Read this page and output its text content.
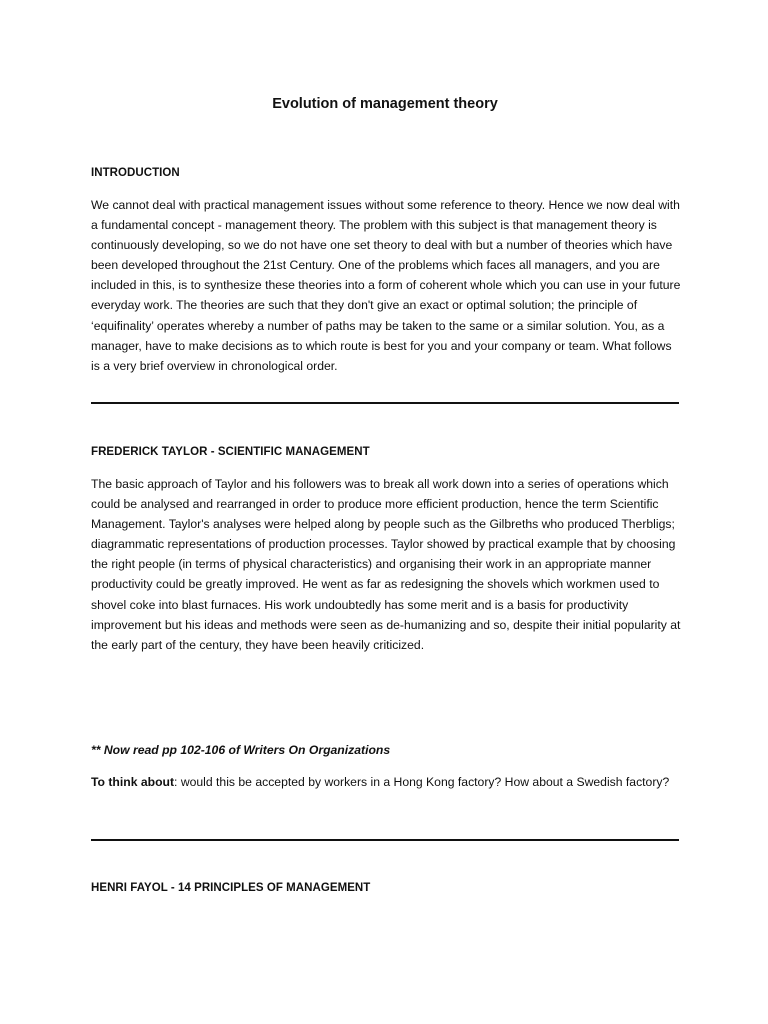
Evolution of management theory
INTRODUCTION

We cannot deal with practical management issues without some reference to theory. Hence we now deal with a fundamental concept - management theory. The problem with this subject is that management theory is continuously developing, so we do not have one set theory to deal with but a number of theories which have been developed throughout the 21st Century. One of the problems which faces all managers, and you are included in this, is to synthesize these theories into a form of coherent whole which you can use in your future everyday work. The theories are such that they don't give an exact or optimal solution; the principle of ‘equifinality’ operates whereby a number of paths may be taken to the same or a similar solution. You, as a manager, have to make decisions as to which route is best for you and your company or team. What follows is a very brief overview in chronological order.

FREDERICK TAYLOR - SCIENTIFIC MANAGEMENT

The basic approach of Taylor and his followers was to break all work down into a series of operations which could be analysed and rearranged in order to produce more efficient production, hence the term Scientific Management. Taylor's analyses were helped along by people such as the Gilbreths who produced Therbligs; diagrammatic representations of production processes. Taylor showed by practical example that by choosing the right people (in terms of physical characteristics) and organising their work in an appropriate manner productivity could be greatly improved. He went as far as redesigning the shovels which workmen used to shovel coke into blast furnaces. His work undoubtedly has some merit and is a basis for productivity improvement but his ideas and methods were seen as de-humanizing and so, despite their initial popularity at the early part of the century, they have been heavily criticized.

** Now read pp 102-106 of Writers On Organizations

To think about: would this be accepted by workers in a Hong Kong factory? How about a Swedish factory?

HENRI FAYOL - 14 PRINCIPLES OF MANAGEMENT
